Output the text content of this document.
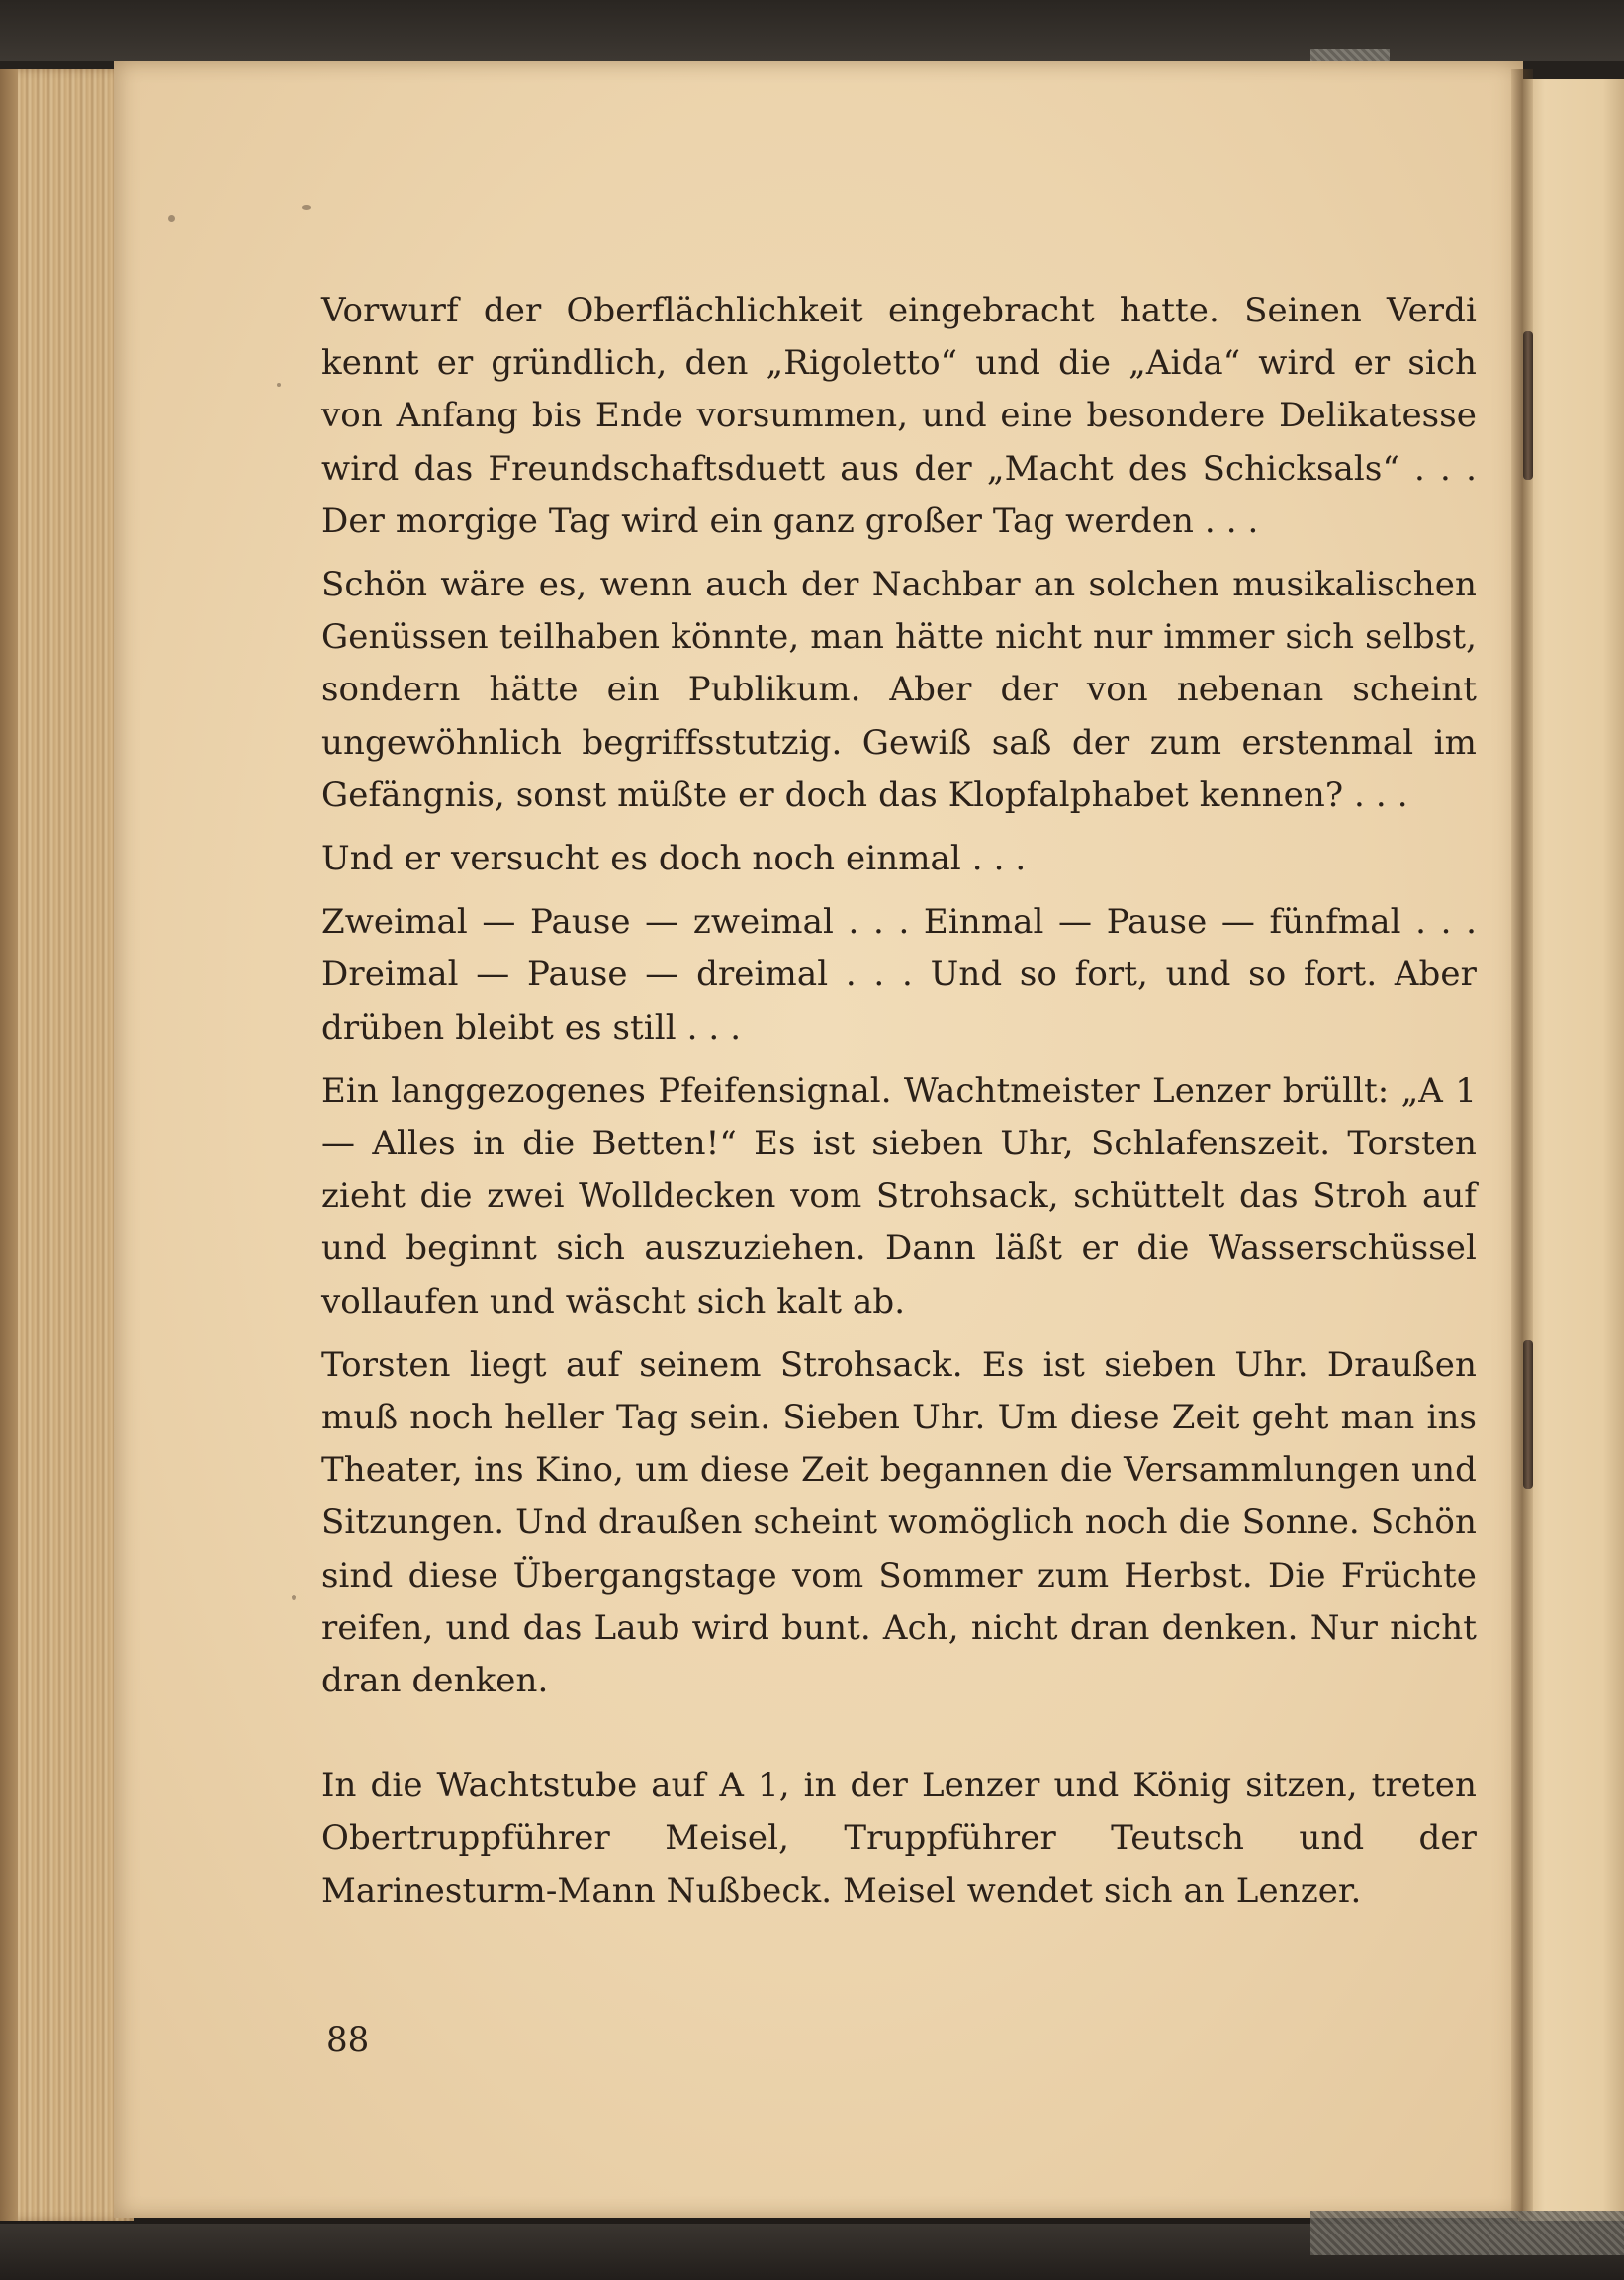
Vorwurf der Oberflächlichkeit eingebracht hatte. Seinen Verdi kennt er gründlich, den „Rigoletto“ und die „Aida“ wird er sich von Anfang bis Ende vorsummen, und eine besondere Delikatesse wird das Freundschaftsduett aus der „Macht des Schicksals“ . . . Der morgige Tag wird ein ganz großer Tag werden . . .

Schön wäre es, wenn auch der Nachbar an solchen musikalischen Genüssen teilhaben könnte, man hätte nicht nur immer sich selbst, sondern hätte ein Publikum. Aber der von nebenan scheint ungewöhnlich begriffsstutzig. Gewiß saß der zum erstenmal im Gefängnis, sonst müßte er doch das Klopfalphabet kennen? . . .

Und er versucht es doch noch einmal . . .

Zweimal — Pause — zweimal . . . Einmal — Pause — fünfmal . . . Dreimal — Pause — dreimal . . . Und so fort, und so fort. Aber drüben bleibt es still . . .

Ein langgezogenes Pfeifensignal. Wachtmeister Lenzer brüllt: „A 1 — Alles in die Betten!“ Es ist sieben Uhr, Schlafenszeit. Torsten zieht die zwei Wolldecken vom Strohsack, schüttelt das Stroh auf und beginnt sich auszuziehen. Dann läßt er die Wasserschüssel vollaufen und wäscht sich kalt ab.

Torsten liegt auf seinem Strohsack. Es ist sieben Uhr. Draußen muß noch heller Tag sein. Sieben Uhr. Um diese Zeit geht man ins Theater, ins Kino, um diese Zeit begannen die Versammlungen und Sitzungen. Und draußen scheint womöglich noch die Sonne. Schön sind diese Übergangstage vom Sommer zum Herbst. Die Früchte reifen, und das Laub wird bunt. Ach, nicht dran denken. Nur nicht dran denken.

In die Wachtstube auf A 1, in der Lenzer und König sitzen, treten Obertruppführer Meisel, Truppführer Teutsch und der Marinesturm-Mann Nußbeck. Meisel wendet sich an Lenzer.

88
